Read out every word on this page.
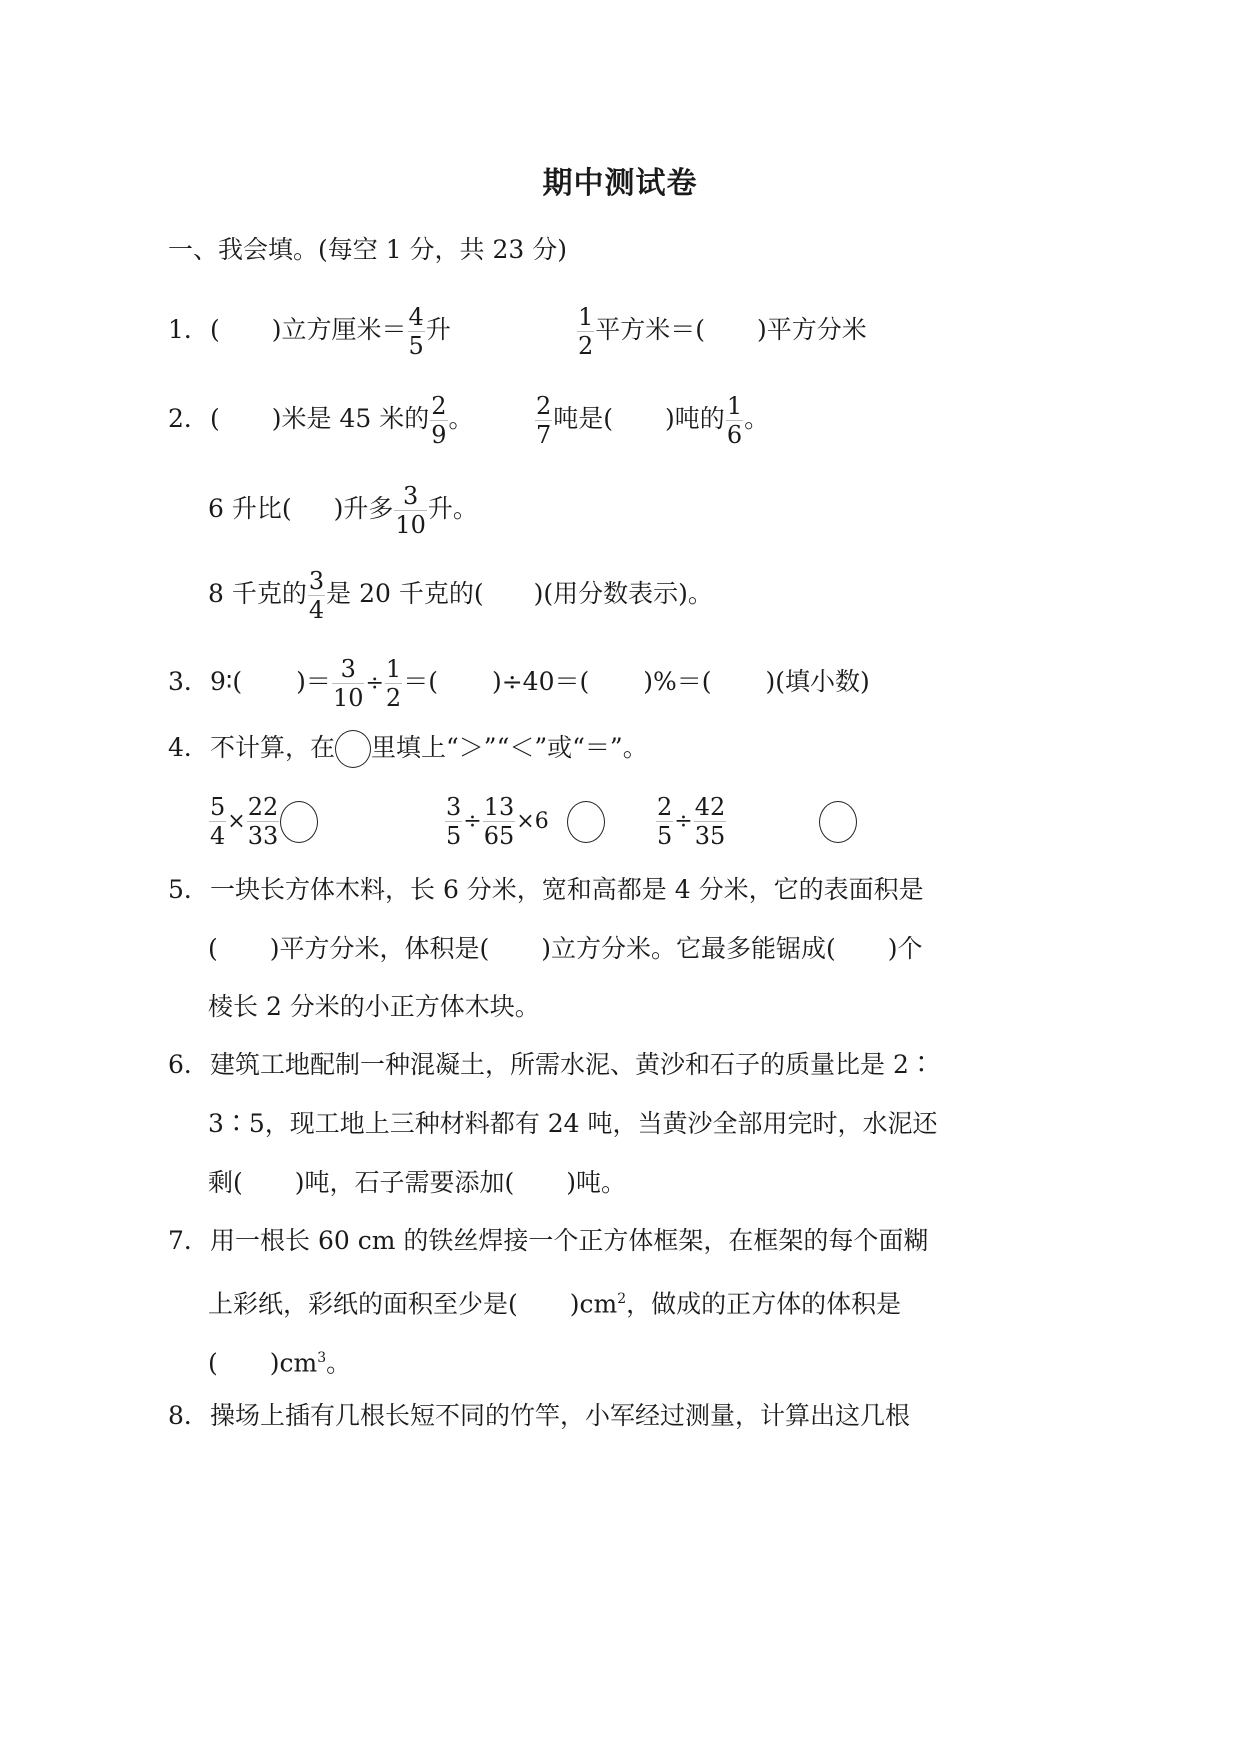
期中测试卷
一、我会填。(每空 1 分，共 23 分)
1．( )立方厘米＝ $\frac{4}{5}$ 升	$\frac{1}{2}$ 平方米＝( )平方分米
2．( )米是 45 米的 $\frac{2}{9}$ 。	$\frac{2}{7}$ 吨是( )吨的 $\frac{1}{6}$ 。
6 升比( )升多 $\frac{3}{10}$ 升。
8 千克的 $\frac{3}{4}$ 是 20 千克的( )(用分数表示)。
3．9∶( )＝ $\frac{3}{10} \div \frac{1}{2}$ ＝( )÷40＝( )%＝( )(填小数)
4．不计算，在 里填上“＞”“＜”或“＝”。
$\frac{5}{4} \times \frac{22}{33}$	$\frac{3}{5} \div \frac{13}{65} \times 6$	$\frac{2}{5} \div \frac{42}{35}$
5．一块长方体木料，长 6 分米，宽和高都是 4 分米，它的表面积是
( )平方分米，体积是( )立方分米。它最多能锯成( )个
棱长 2 分米的小正方体木块。
6．建筑工地配制一种混凝土，所需水泥、黄沙和石子的质量比是 2∶
3∶5，现工地上三种材料都有 24 吨，当黄沙全部用完时，水泥还
剩( )吨，石子需要添加( )吨。
7．用一根长 60 cm 的铁丝焊接一个正方体框架，在框架的每个面糊
上彩纸，彩纸的面积至少是( )$cm^2$，做成的正方体的体积是
( )$cm^3$。
8．操场上插有几根长短不同的竹竿，小军经过测量，计算出这几根
